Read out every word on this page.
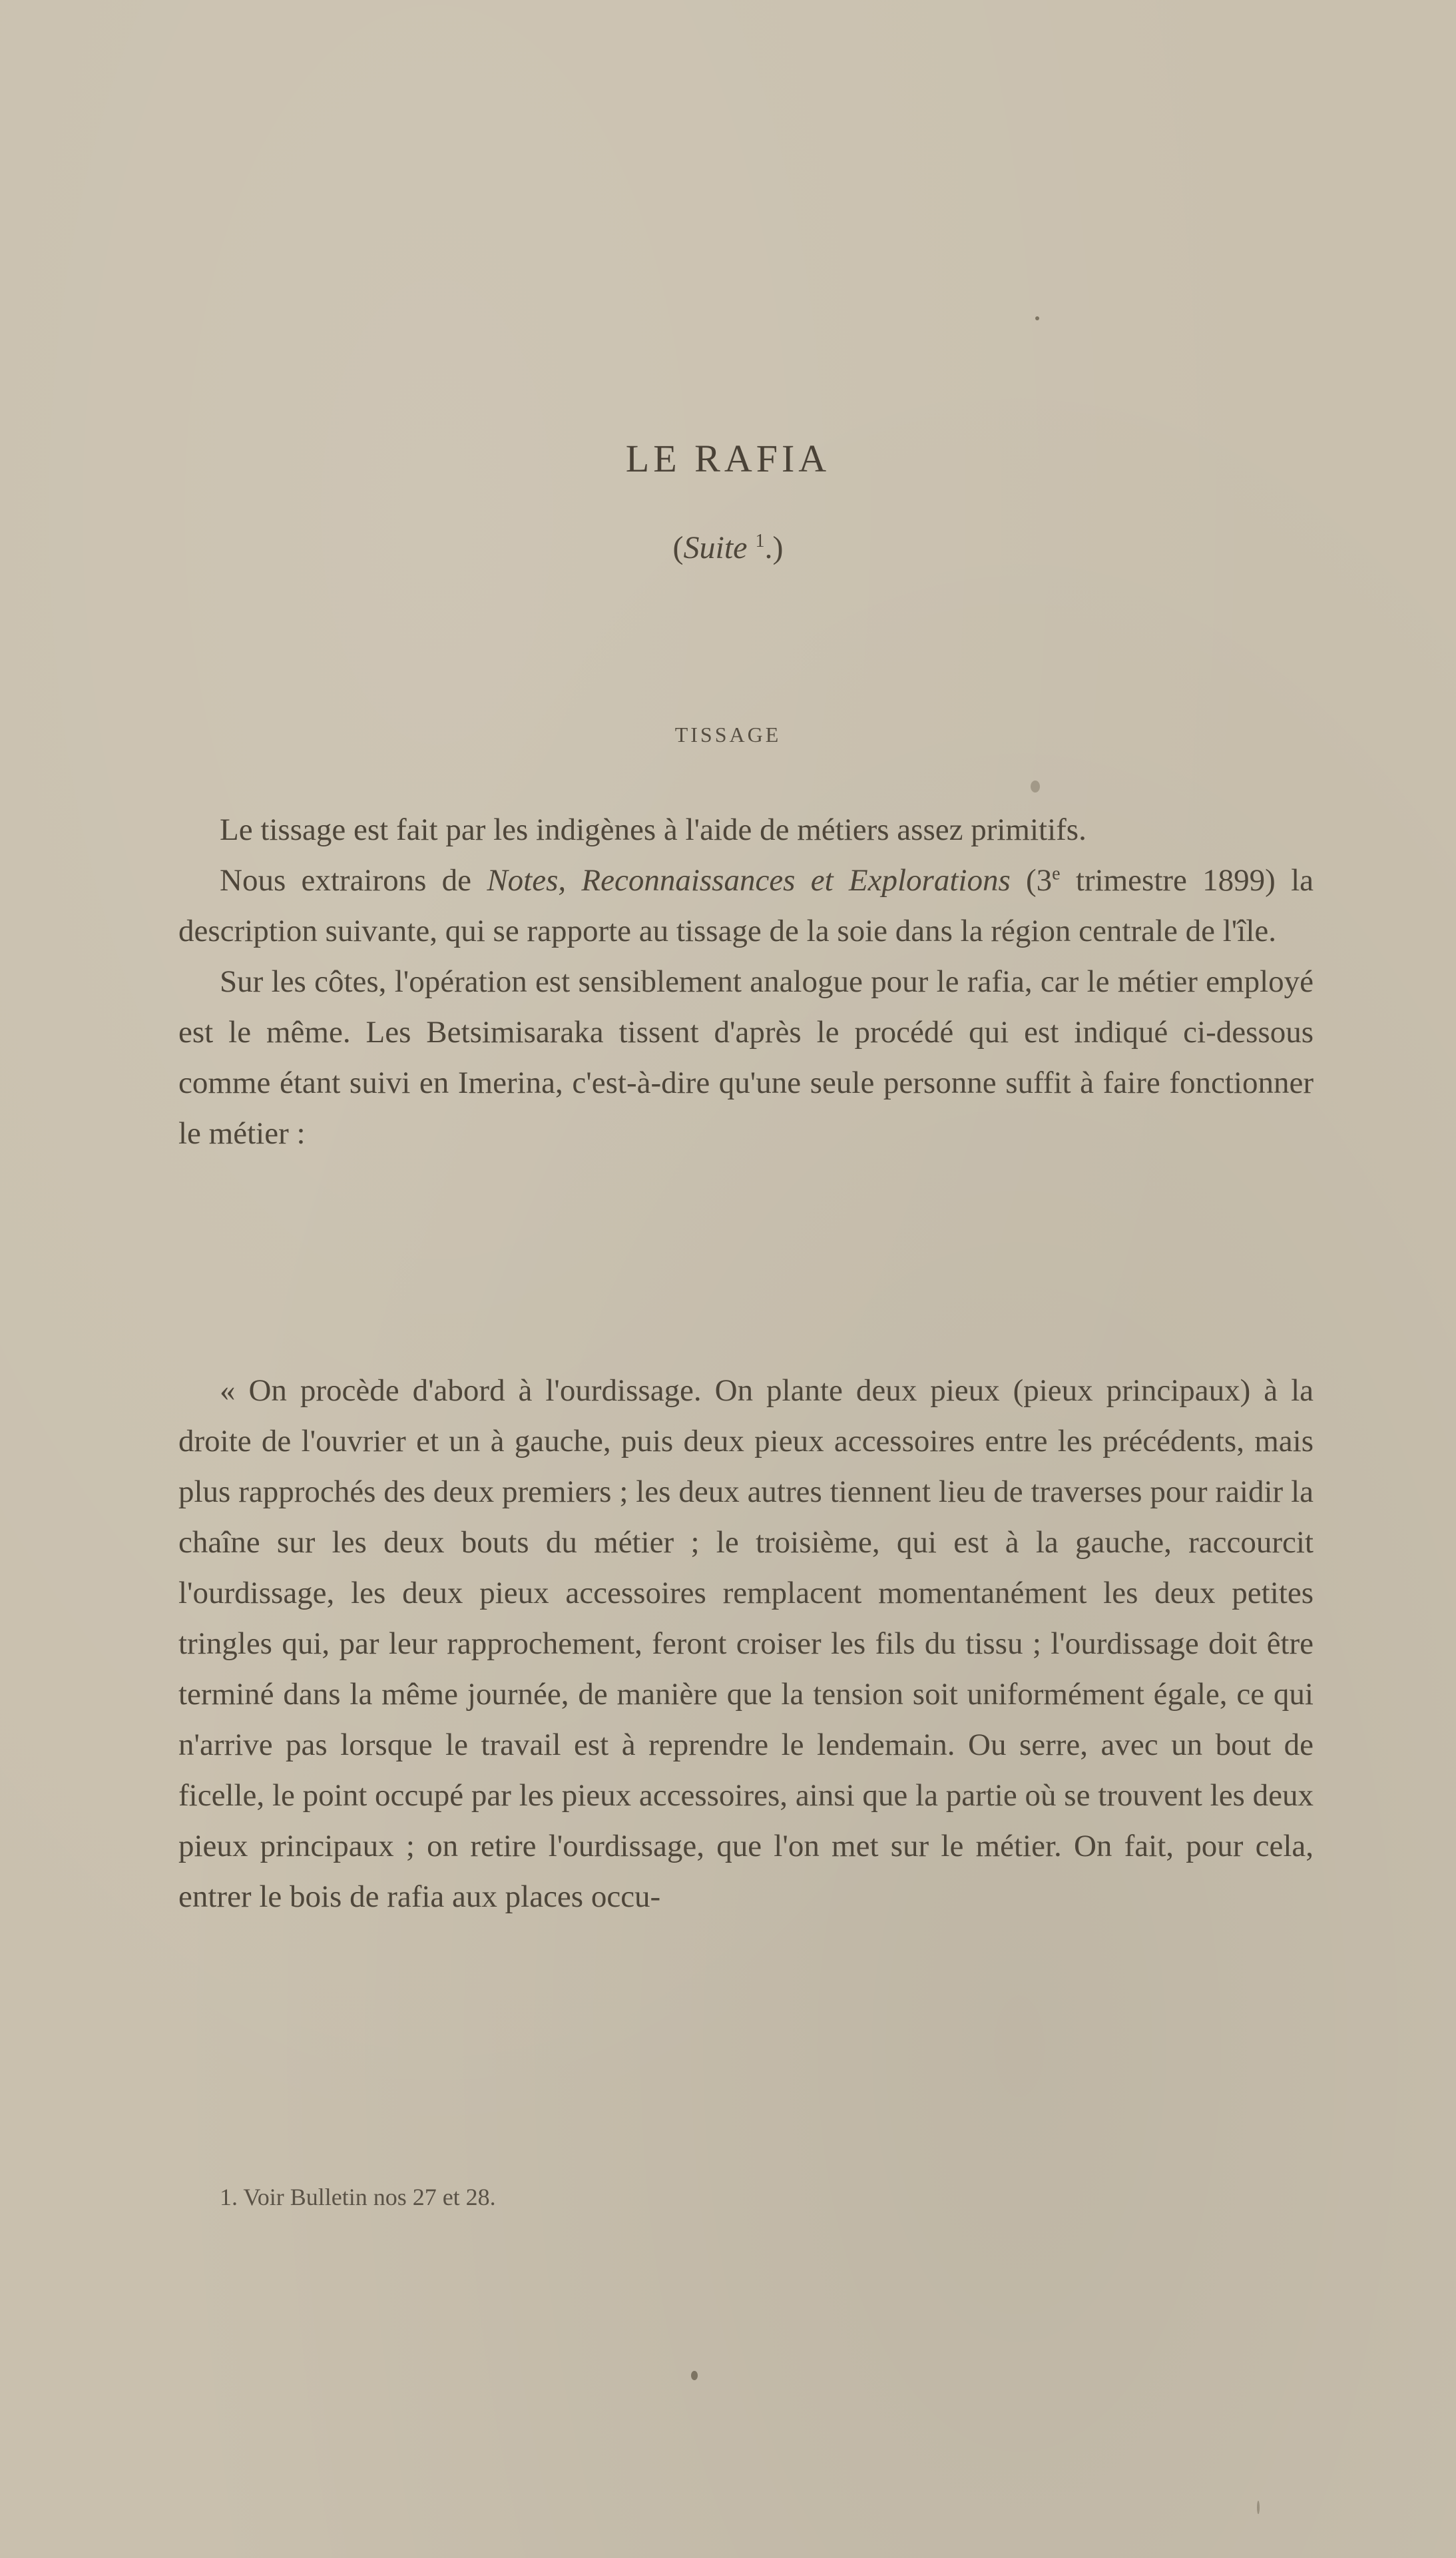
LE RAFIA
(Suite $^1$.)
TISSAGE

Le tissage est fait par les indigènes à l'aide de métiers assez primitifs.

Nous extrairons de Notes, Reconnaissances et Explorations (3e trimestre 1899) la description suivante, qui se rapporte au tissage de la soie dans la région centrale de l'île.

Sur les côtes, l'opération est sensiblement analogue pour le rafia, car le métier employé est le même. Les Betsimisaraka tissent d'après le procédé qui est indiqué ci-dessous comme étant suivi en Imerina, c'est-à-dire qu'une seule personne suffit à faire fonctionner le métier :

« On procède d'abord à l'ourdissage. On plante deux pieux (pieux principaux) à la droite de l'ouvrier et un à gauche, puis deux pieux accessoires entre les précédents, mais plus rapprochés des deux premiers ; les deux autres tiennent lieu de traverses pour raidir la chaîne sur les deux bouts du métier ; le troisième, qui est à la gauche, raccourcit l'ourdissage, les deux pieux accessoires remplacent momentanément les deux petites tringles qui, par leur rapprochement, feront croiser les fils du tissu ; l'ourdissage doit être terminé dans la même journée, de manière que la tension soit uniformément égale, ce qui n'arrive pas lorsque le travail est à reprendre le lendemain. Ou serre, avec un bout de ficelle, le point occupé par les pieux accessoires, ainsi que la partie où se trouvent les deux pieux principaux ; on retire l'ourdissage, que l'on met sur le métier. On fait, pour cela, entrer le bois de rafia aux places occu-

1. Voir Bulletin nos 27 et 28.
